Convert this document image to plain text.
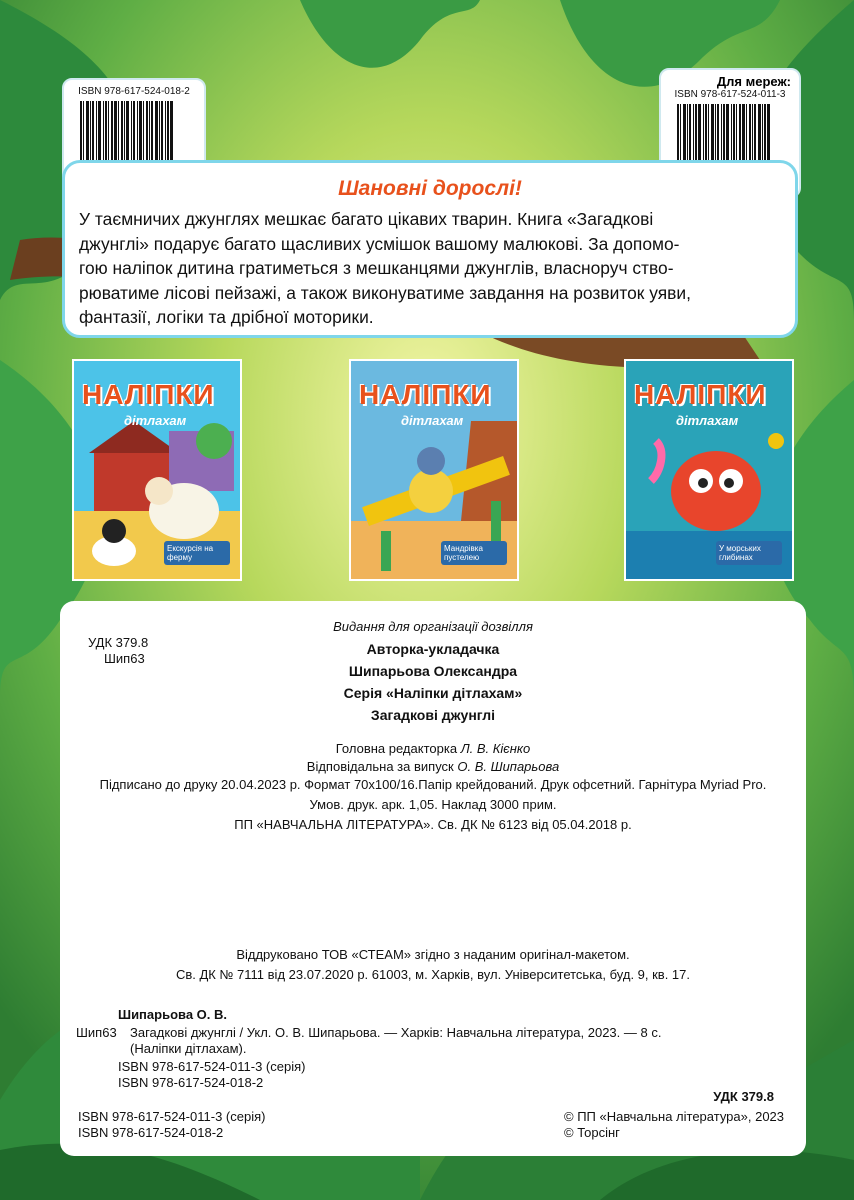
ISBN 978-617-524-018-2
Для мереж:
ISBN 978-617-524-011-3
Шановні дорослі!
У таємничих джунглях мешкає багато цікавих тварин. Книга «Загадкові
джунглі» подарує багато щасливих усмішок вашому малюкові. За допомо-
гою наліпок дитина гратиметься з мешканцями джунглів, власноруч ство-
рюватиме лісові пейзажі, а також виконуватиме завдання на розвиток уяви,
фантазії, логіки та дрібної моторики.
НАЛІПКИ
дітлахам
Екскурсія на ферму
НАЛІПКИ
дітлахам
Мандрівка пустелею
НАЛІПКИ
дітлахам
У морських глибинах
УДК 379.8
Шип63
Видання для організації дозвілля
Авторка-укладачка
Шипарьова Олександра
Серія «Наліпки дітлахам»
Загадкові джунглі
Головна редакторка Л. В. Кієнко
Відповідальна за випуск О. В. Шипарьова
Підписано до друку 20.04.2023 р. Формат 70х100/16.Папір крейдований. Друк офсетний. Гарнітура Myriad Pro.
Умов. друк. арк. 1,05. Наклад 3000 прим.
ПП «НАВЧАЛЬНА ЛІТЕРАТУРА». Св. ДК № 6123 від 05.04.2018 р.
Віддруковано ТОВ «СТЕАМ» згідно з наданим оригінал-макетом.
Св. ДК № 7111 від 23.07.2020 р. 61003, м. Харків, вул. Університетська, буд. 9, кв. 17.
Шипарьова О. В.
Шип63 Загадкові джунглі / Укл. О. В. Шипарьова. — Харків: Навчальна література, 2023. — 8 с.
(Наліпки дітлахам).
ISBN 978-617-524-011-3 (серія)
ISBN 978-617-524-018-2
УДК 379.8
ISBN 978-617-524-011-3 (серія)
ISBN 978-617-524-018-2
© ПП «Навчальна література», 2023
© Торсінг
